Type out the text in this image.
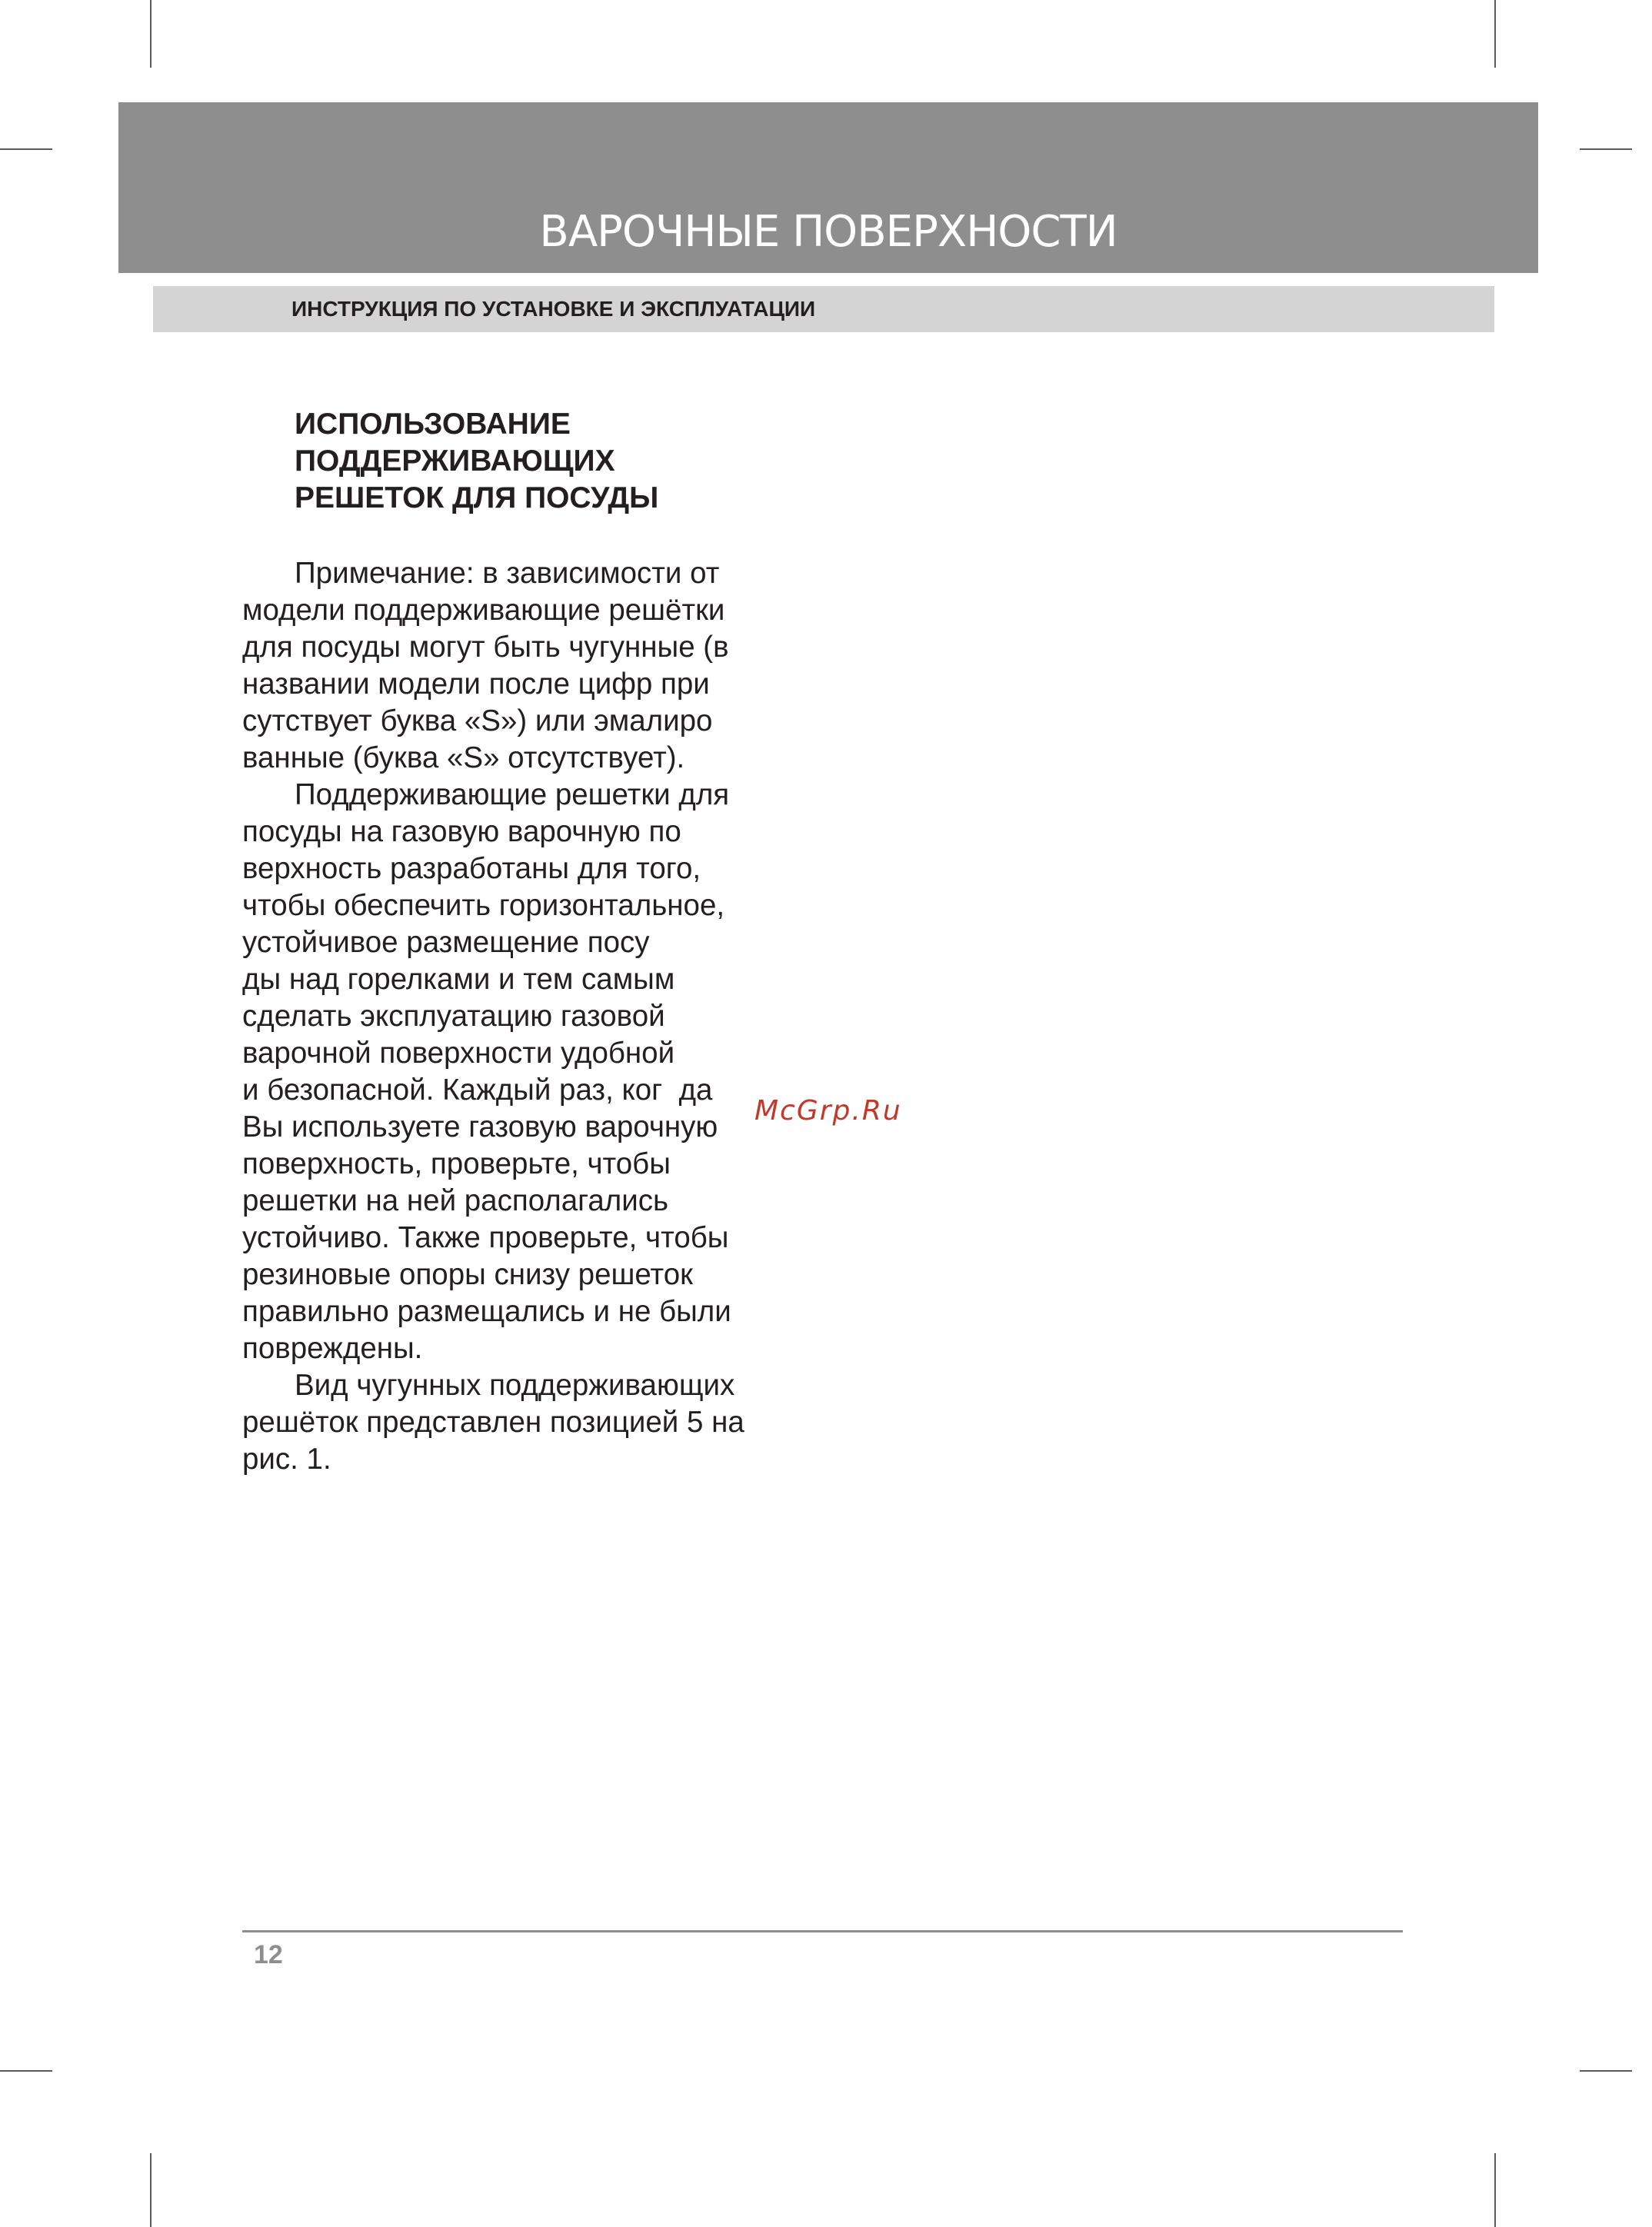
ВАРОЧНЫЕ ПОВЕРХНОСТИ
ИНСТРУКЦИЯ ПО УСТАНОВКЕ И ЭКСПЛУАТАЦИИ
ИСПОЛЬЗОВАНИЕ
ПОДДЕРЖИВАЮЩИХ
РЕШЕТОК ДЛЯ ПОСУДЫ
Примечание: в зависимости от
модели поддерживающие решётки
для посуды могут быть чугунные (в
названии модели после цифр при
сутствует буква «S») или эмалиро
ванные (буква «S» отсутствует).
Поддерживающие решетки для
посуды на газовую варочную по
верхность разработаны для того,
чтобы обеспечить горизонтальное,
устойчивое размещение посу
ды над горелками и тем самым
сделать эксплуатацию газовой
варочной поверхности удобной
и безопасной. Каждый раз, ког  да
Вы используете газовую варочную
поверхность, проверьте, чтобы
решетки на ней располагались
устойчиво. Также проверьте, чтобы
резиновые опоры снизу решеток
правильно размещались и не были
повреждены.
Вид чугунных поддерживающих
решёток представлен позицией 5 на
рис. 1.
McGrp.Ru
12
